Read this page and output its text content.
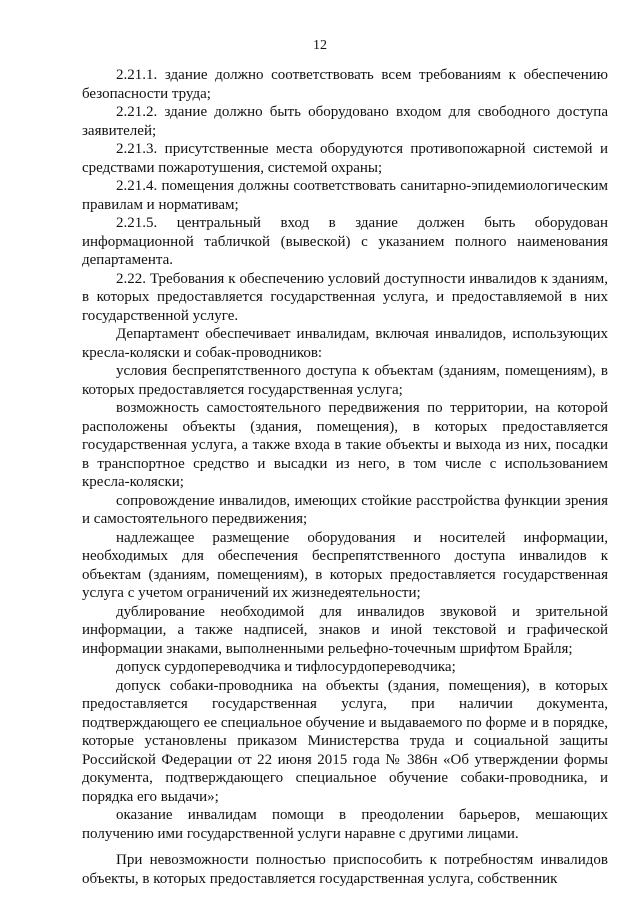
12

2.21.1. здание должно соответствовать всем требованиям к обеспечению безопасности труда;

2.21.2. здание должно быть оборудовано входом для свободного доступа заявителей;

2.21.3. присутственные места оборудуются противопожарной системой и средствами пожаротушения, системой охраны;

2.21.4. помещения должны соответствовать санитарно-эпидемиологическим правилам и нормативам;

2.21.5. центральный вход в здание должен быть оборудован информационной табличкой (вывеской) с указанием полного наименования департамента.

2.22. Требования к обеспечению условий доступности инвалидов к зданиям, в которых предоставляется государственная услуга, и предоставляемой в них государственной услуге.

Департамент обеспечивает инвалидам, включая инвалидов, использующих кресла-коляски и собак-проводников:

условия беспрепятственного доступа к объектам (зданиям, помещениям), в которых предоставляется государственная услуга;

возможность самостоятельного передвижения по территории, на которой расположены объекты (здания, помещения), в которых предоставляется государственная услуга, а также входа в такие объекты и выхода из них, посадки в транспортное средство и высадки из него, в том числе с использованием кресла-коляски;

сопровождение инвалидов, имеющих стойкие расстройства функции зрения и самостоятельного передвижения;

надлежащее размещение оборудования и носителей информации, необходимых для обеспечения беспрепятственного доступа инвалидов к объектам (зданиям, помещениям), в которых предоставляется государственная услуга с учетом ограничений их жизнедеятельности;

дублирование необходимой для инвалидов звуковой и зрительной информации, а также надписей, знаков и иной текстовой и графической информации знаками, выполненными рельефно-точечным шрифтом Брайля;

допуск сурдопереводчика и тифлосурдопереводчика;

допуск собаки-проводника на объекты (здания, помещения), в которых предоставляется государственная услуга, при наличии документа, подтверждающего ее специальное обучение и выдаваемого по форме и в порядке, которые установлены приказом Министерства труда и социальной защиты Российской Федерации от 22 июня 2015 года № 386н «Об утверждении формы документа, подтверждающего специальное обучение собаки-проводника, и порядка его выдачи»;

оказание инвалидам помощи в преодолении барьеров, мешающих получению ими государственной услуги наравне с другими лицами.

При невозможности полностью приспособить к потребностям инвалидов объекты, в которых предоставляется государственная услуга, собственник
